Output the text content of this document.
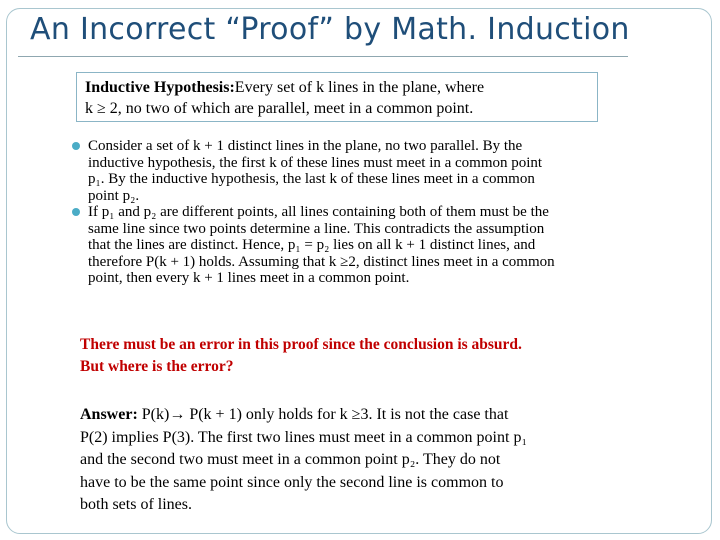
An Incorrect “Proof” by Math. Induction
Inductive Hypothesis:Every set of k lines in the plane, where
k ≥ 2, no two of which are parallel, meet in a common point.
Consider a set of k + 1 distinct lines in the plane, no two parallel. By the
inductive hypothesis, the first k of these lines must meet in a common point
p₁. By the inductive hypothesis, the last k of these lines meet in a common
point p₂.
If p₁ and p₂ are different points, all lines containing both of them must be the
same line since two points determine a line. This contradicts the assumption
that the lines are distinct. Hence, p₁ = p₂ lies on all k + 1 distinct lines, and
therefore P(k + 1) holds. Assuming that k ≥2, distinct lines meet in a common
point, then every k + 1 lines meet in a common point.
There must be an error in this proof since the conclusion is absurd.
But where is the error?
Answer: P(k)→ P(k + 1) only holds for k ≥3. It is not the case that
P(2) implies P(3). The first two lines must meet in a common point p₁
and the second two must meet in a common point p₂. They do not
have to be the same point since only the second line is common to
both sets of lines.
